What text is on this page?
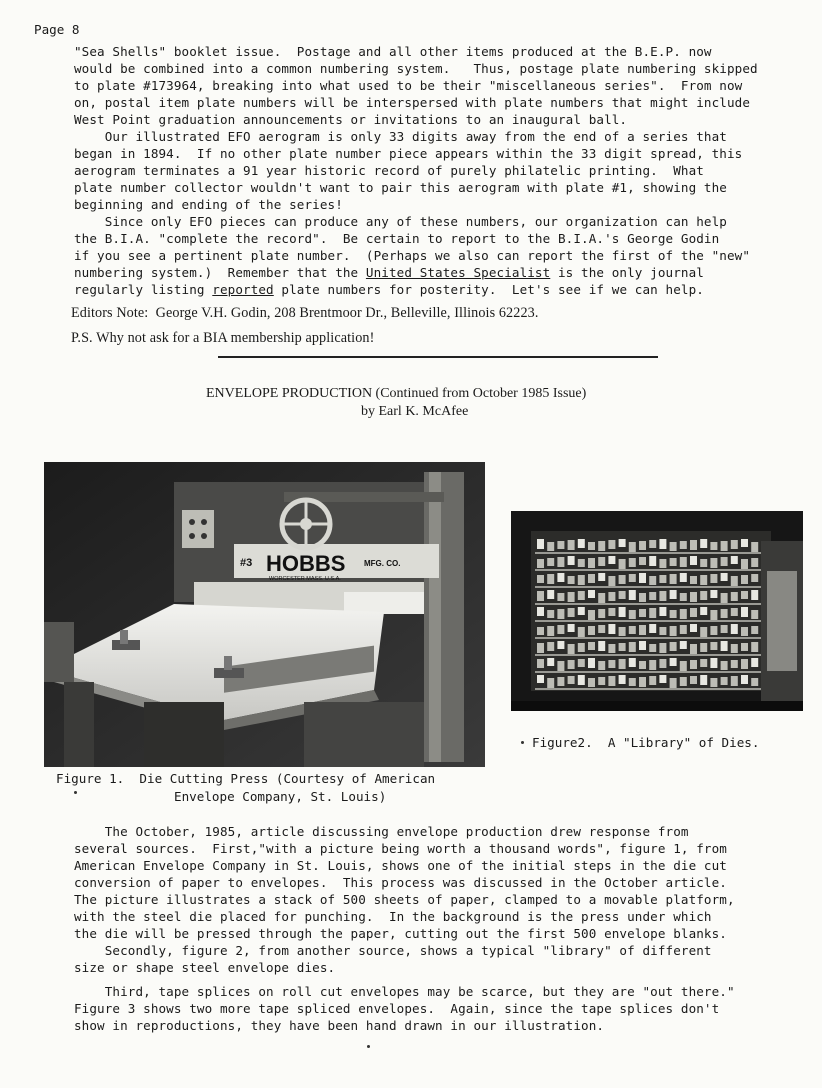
Page 8
"Sea Shells" booklet issue.  Postage and all other items produced at the B.E.P. now
would be combined into a common numbering system.   Thus, postage plate numbering skipped
to plate #173964, breaking into what used to be their "miscellaneous series".  From now
on, postal item plate numbers will be interspersed with plate numbers that might include
West Point graduation announcements or invitations to an inaugural ball.
Our illustrated EFO aerogram is only 33 digits away from the end of a series that
began in 1894.  If no other plate number piece appears within the 33 digit spread, this
aerogram terminates a 91 year historic record of purely philatelic printing.  What
plate number collector wouldn't want to pair this aerogram with plate #1, showing the
beginning and ending of the series!
Since only EFO pieces can produce any of these numbers, our organization can help
the B.I.A. "complete the record".  Be certain to report to the B.I.A.'s George Godin
if you see a pertinent plate number.  (Perhaps we also can report the first of the "new"
numbering system.)  Remember that the United States Specialist is the only journal
regularly listing reported plate numbers for posterity.  Let's see if we can help.
Editors Note:  George V.H. Godin, 208 Brentmoor Dr., Belleville, Illinois 62223.
P.S. Why not ask for a BIA membership application!
ENVELOPE PRODUCTION (Continued from October 1985 Issue)
by Earl K. McAfee
#3 HOBBS MFG. CO.
WORCESTER MASS. U.S.A.
Figure 1.  Die Cutting Press (Courtesy of American
Envelope Company, St. Louis)
Figure2.  A "Library" of Dies.
The October, 1985, article discussing envelope production drew response from
several sources.  First,"with a picture being worth a thousand words", figure 1, from
American Envelope Company in St. Louis, shows one of the initial steps in the die cut
conversion of paper to envelopes.  This process was discussed in the October article.
The picture illustrates a stack of 500 sheets of paper, clamped to a movable platform,
with the steel die placed for punching.  In the background is the press under which
the die will be pressed through the paper, cutting out the first 500 envelope blanks.
Secondly, figure 2, from another source, shows a typical "library" of different
size or shape steel envelope dies.
Third, tape splices on roll cut envelopes may be scarce, but they are "out there."
Figure 3 shows two more tape spliced envelopes.  Again, since the tape splices don't
show in reproductions, they have been hand drawn in our illustration.
